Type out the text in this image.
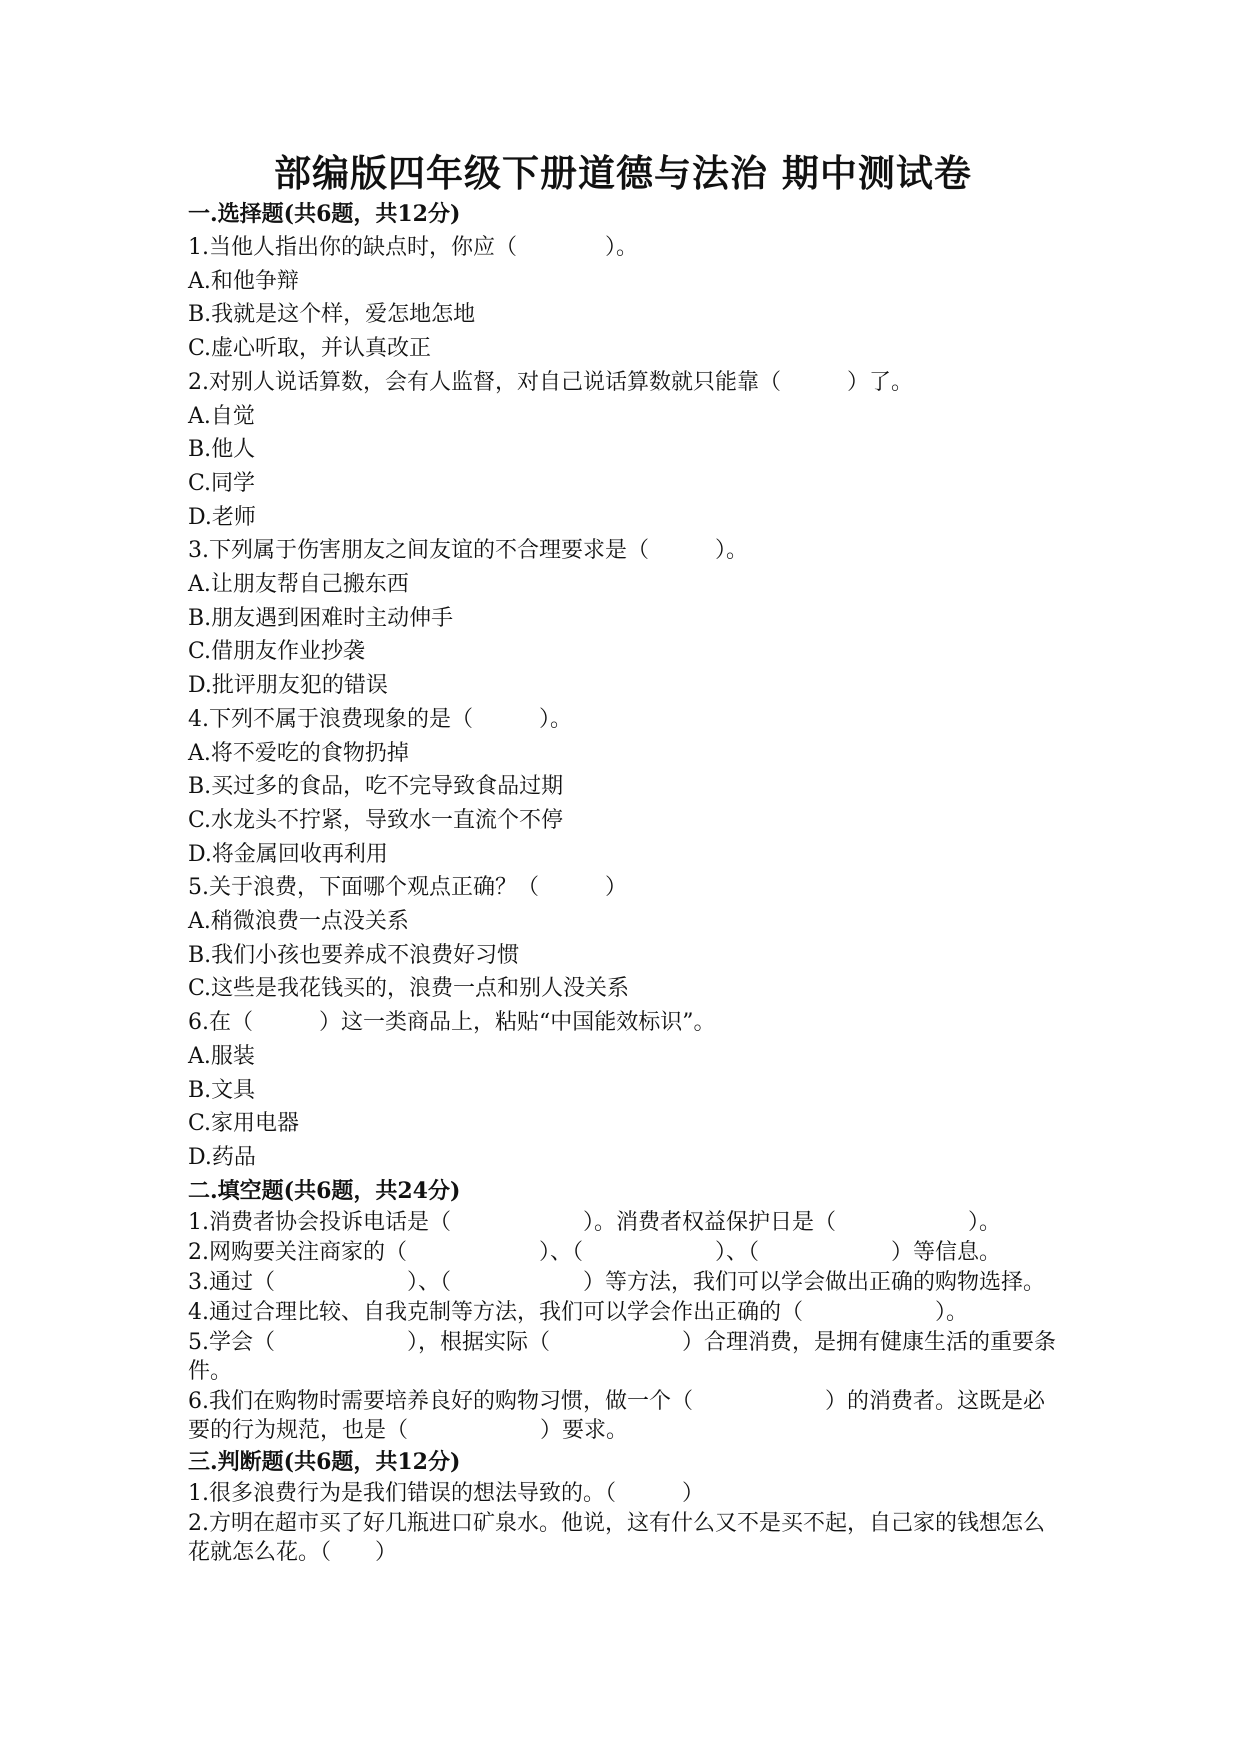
部编版四年级下册道德与法治 期中测试卷

一.选择题(共6题，共12分)

1.当他人指出你的缺点时，你应（　　　　）。

A.和他争辩

B.我就是这个样，爱怎地怎地

C.虚心听取，并认真改正

2.对别人说话算数，会有人监督，对自己说话算数就只能靠（　　　）了。

A.自觉

B.他人

C.同学

D.老师

3.下列属于伤害朋友之间友谊的不合理要求是（　　　）。

A.让朋友帮自己搬东西

B.朋友遇到困难时主动伸手

C.借朋友作业抄袭

D.批评朋友犯的错误

4.下列不属于浪费现象的是（　　　）。

A.将不爱吃的食物扔掉

B.买过多的食品，吃不完导致食品过期

C.水龙头不拧紧，导致水一直流个不停

D.将金属回收再利用

5.关于浪费，下面哪个观点正确？（　　　）

A.稍微浪费一点没关系

B.我们小孩也要养成不浪费好习惯

C.这些是我花钱买的，浪费一点和别人没关系

6.在（　　　）这一类商品上，粘贴“中国能效标识”。

A.服装

B.文具

C.家用电器

D.药品

二.填空题(共6题，共24分)

1.消费者协会投诉电话是（　　　　　　）。消费者权益保护日是（　　　　　　）。

2.网购要关注商家的（　　　　　　）、（　　　　　　）、（　　　　　　）等信息。

3.通过（　　　　　　）、（　　　　　　）等方法，我们可以学会做出正确的购物选择。

4.通过合理比较、自我克制等方法，我们可以学会作出正确的（　　　　　　）。

5.学会（　　　　　　），根据实际（　　　　　　）合理消费，是拥有健康生活的重要条件。

6.我们在购物时需要培养良好的购物习惯，做一个（　　　　　　）的消费者。这既是必要的行为规范，也是（　　　　　　）要求。

三.判断题(共6题，共12分)

1.很多浪费行为是我们错误的想法导致的。（　　　）

2.方明在超市买了好几瓶进口矿泉水。他说，这有什么又不是买不起，自己家的钱想怎么花就怎么花。（　　）
